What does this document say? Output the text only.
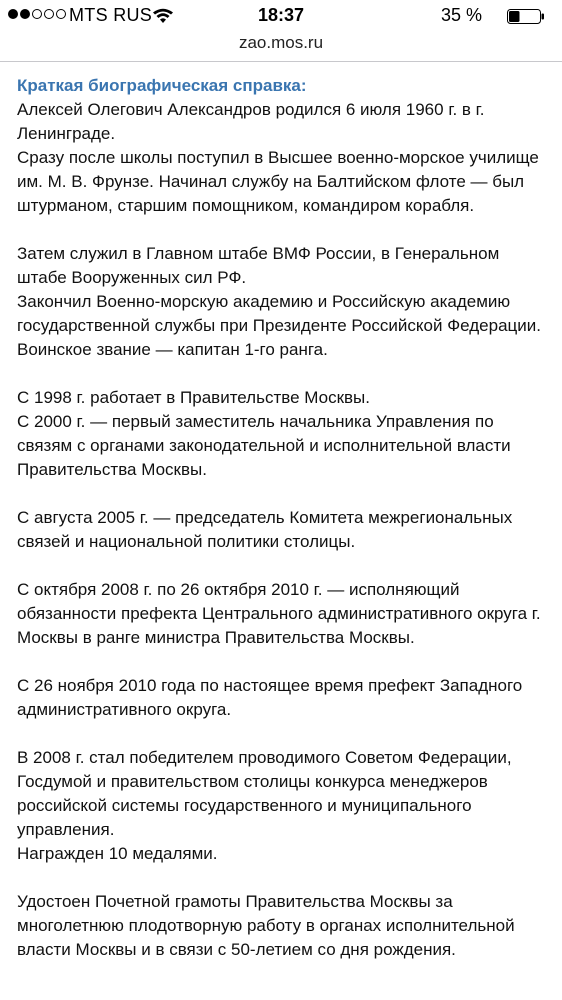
MTS RUS	18:37	35 %
zao.mos.ru
Краткая биографическая справка:

Алексей Олегович Александров родился 6 июля 1960 г. в г. Ленинграде.
Сразу после школы поступил в Высшее военно-морское училище им. М. В. Фрунзе. Начинал службу на Балтийском флоте — был штурманом, старшим помощником, командиром корабля.

Затем служил в Главном штабе ВМФ России, в Генеральном штабе Вооруженных сил РФ.
Закончил Военно-морскую академию и Российскую академию государственной службы при Президенте Российской Федерации.
Воинское звание — капитан 1-го ранга.

С 1998 г. работает в Правительстве Москвы.
С 2000 г. — первый заместитель начальника Управления по связям с органами законодательной и исполнительной власти Правительства Москвы.

С августа 2005 г. — председатель Комитета межрегиональных связей и национальной политики столицы.

С октября 2008 г. по 26 октября 2010 г. — исполняющий обязанности префекта Центрального административного округа г. Москвы в ранге министра Правительства Москвы.

С 26 ноября 2010 года по настоящее время префект Западного административного округа.

В 2008 г. стал победителем проводимого Советом Федерации, Госдумой и правительством столицы конкурса менеджеров российской системы государственного и муниципального управления.
Награжден 10 медалями.

Удостоен Почетной грамоты Правительства Москвы за многолетнюю плодотворную работу в органах исполнительной власти Москвы и в связи с 50-летием со дня рождения.
